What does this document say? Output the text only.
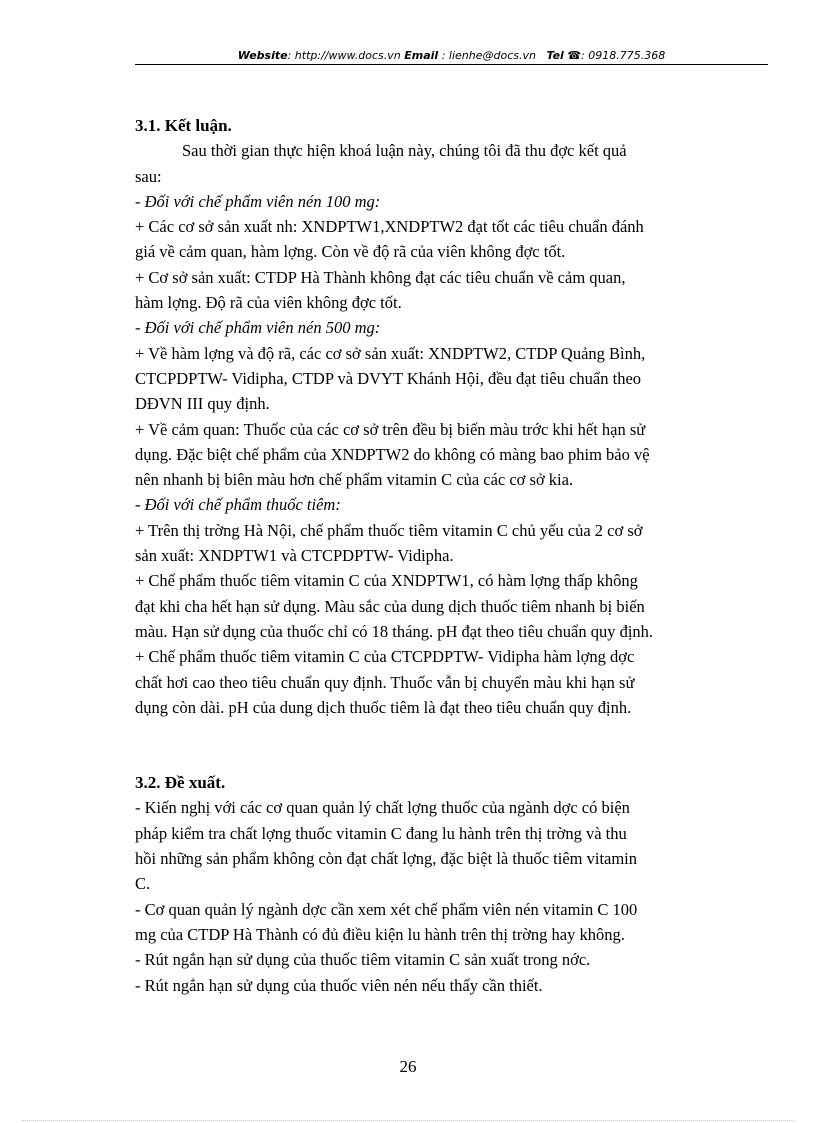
Website: http://www.docs.vn Email : lienhe@docs.vn Tel ☎: 0918.775.368

3.1. Kết luận.

Sau thời gian thực hiện khoá luận này, chúng tôi đã thu đợc kết quả

sau:

- Đối với chế phẩm viên nén 100 mg:

+ Các cơ sở sản xuất nh: XNDPTW1,XNDPTW2 đạt tốt các tiêu chuẩn đánh

giá về cảm quan, hàm lợng. Còn về độ rã của viên không đợc tốt.

+ Cơ sở sản xuất: CTDP Hà Thành không đạt các tiêu chuẩn về cảm quan,

hàm lợng. Độ rã của viên không đợc tốt.

- Đối với chế phẩm viên nén 500 mg:

+ Về hàm lợng và độ rã, các cơ sở sản xuất: XNDPTW2, CTDP Quảng Bình,

CTCPDPTW- Vidipha, CTDP và DVYT Khánh Hội, đều đạt tiêu chuẩn theo

DĐVN III quy định.

+ Về cảm quan: Thuốc của các cơ sở trên đều bị biến màu trớc khi hết hạn sử

dụng. Đặc biệt chế phẩm của XNDPTW2 do không có màng bao phim bảo vệ

nên nhanh bị biên màu hơn chế phẩm vitamin C của các cơ sở kia.

- Đối với chế phẩm thuốc tiêm:

+ Trên thị trờng Hà Nội, chế phẩm thuốc tiêm vitamin C chủ yếu của 2 cơ sở

sản xuất: XNDPTW1 và CTCPDPTW- Vidipha.

+ Chế phẩm thuốc tiêm vitamin C của XNDPTW1, có hàm lợng thấp không

đạt khi cha hết hạn sử dụng. Màu sắc của dung dịch thuốc tiêm nhanh bị biến

màu. Hạn sử dụng của thuốc chỉ có 18 tháng. pH đạt theo tiêu chuẩn quy định.

+ Chế phẩm thuốc tiêm vitamin C của CTCPDPTW- Vidipha hàm lợng dợc

chất hơi cao theo tiêu chuẩn quy định. Thuốc vẫn bị chuyển màu khi hạn sử

dụng còn dài. pH của dung dịch thuốc tiêm là đạt theo tiêu chuẩn quy định.

3.2. Đề xuất.

- Kiến nghị với các cơ quan quản lý chất lợng thuốc của ngành dợc có biện

pháp kiểm tra chất lợng thuốc vitamin C đang lu hành trên thị trờng và thu

hồi những sản phẩm không còn đạt chất lợng, đặc biệt là thuốc tiêm vitamin

C.

- Cơ quan quản lý ngành dợc cần xem xét chế phẩm viên nén vitamin C 100

mg của CTDP Hà Thành có đủ điều kiện lu hành trên thị trờng hay không.

- Rút ngắn hạn sử dụng của thuốc tiêm vitamin C sản xuất trong nớc.

- Rút ngắn hạn sử dụng của thuốc viên nén nếu thấy cần thiết.

26
